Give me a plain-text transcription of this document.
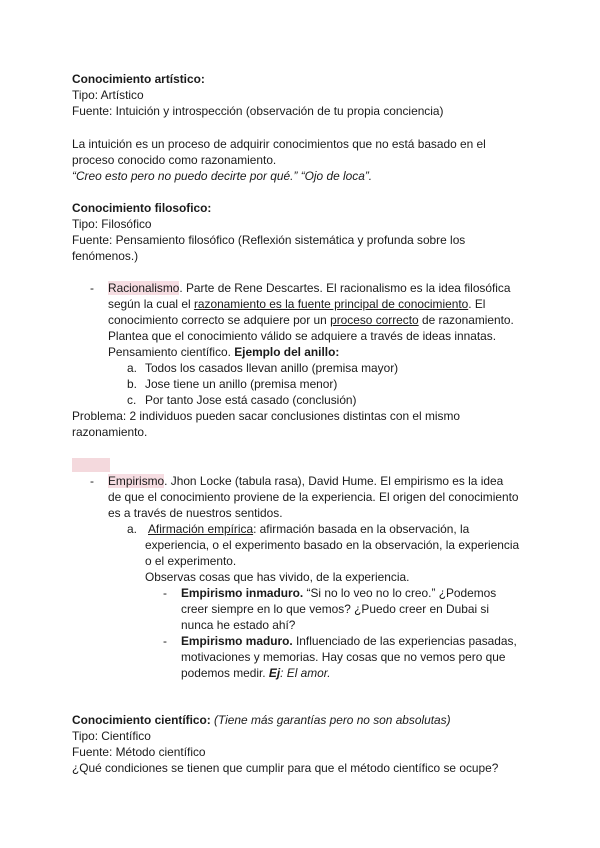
Conocimiento artístico:
Tipo: Artístico
Fuente: Intuición y introspección (observación de tu propia conciencia)
La intuición es un proceso de adquirir conocimientos que no está basado en el
proceso conocido como razonamiento.
“Creo esto pero no puedo decirte por qué.” “Ojo de loca”.
Conocimiento filosofico:
Tipo: Filosófico
Fuente: Pensamiento filosófico (Reflexión sistemática y profunda sobre los
fenómenos.)
- Racionalismo. Parte de Rene Descartes. El racionalismo es la idea filosófica
según la cual el razonamiento es la fuente principal de conocimiento. El
conocimiento correcto se adquiere por un proceso correcto de razonamiento.
Plantea que el conocimiento válido se adquiere a través de ideas innatas.
Pensamiento científico. Ejemplo del anillo:
a. Todos los casados llevan anillo (premisa mayor)
b. Jose tiene un anillo (premisa menor)
c. Por tanto Jose está casado (conclusión)
Problema: 2 individuos pueden sacar conclusiones distintas con el mismo
razonamiento.
- Empirismo. Jhon Locke (tabula rasa), David Hume. El empirismo es la idea
de que el conocimiento proviene de la experiencia. El origen del conocimiento
es a través de nuestros sentidos.
a. Afirmación empírica: afirmación basada en la observación, la
experiencia, o el experimento basado en la observación, la experiencia
o el experimento.
Observas cosas que has vivido, de la experiencia.
- Empirismo inmaduro. “Si no lo veo no lo creo.” ¿Podemos
creer siempre en lo que vemos? ¿Puedo creer en Dubai si
nunca he estado ahí?
- Empirismo maduro. Influenciado de las experiencias pasadas,
motivaciones y memorias. Hay cosas que no vemos pero que
podemos medir. Ej: El amor.
Conocimiento científico: (Tiene más garantías pero no son absolutas)
Tipo: Científico
Fuente: Método científico
¿Qué condiciones se tienen que cumplir para que el método científico se ocupe?
